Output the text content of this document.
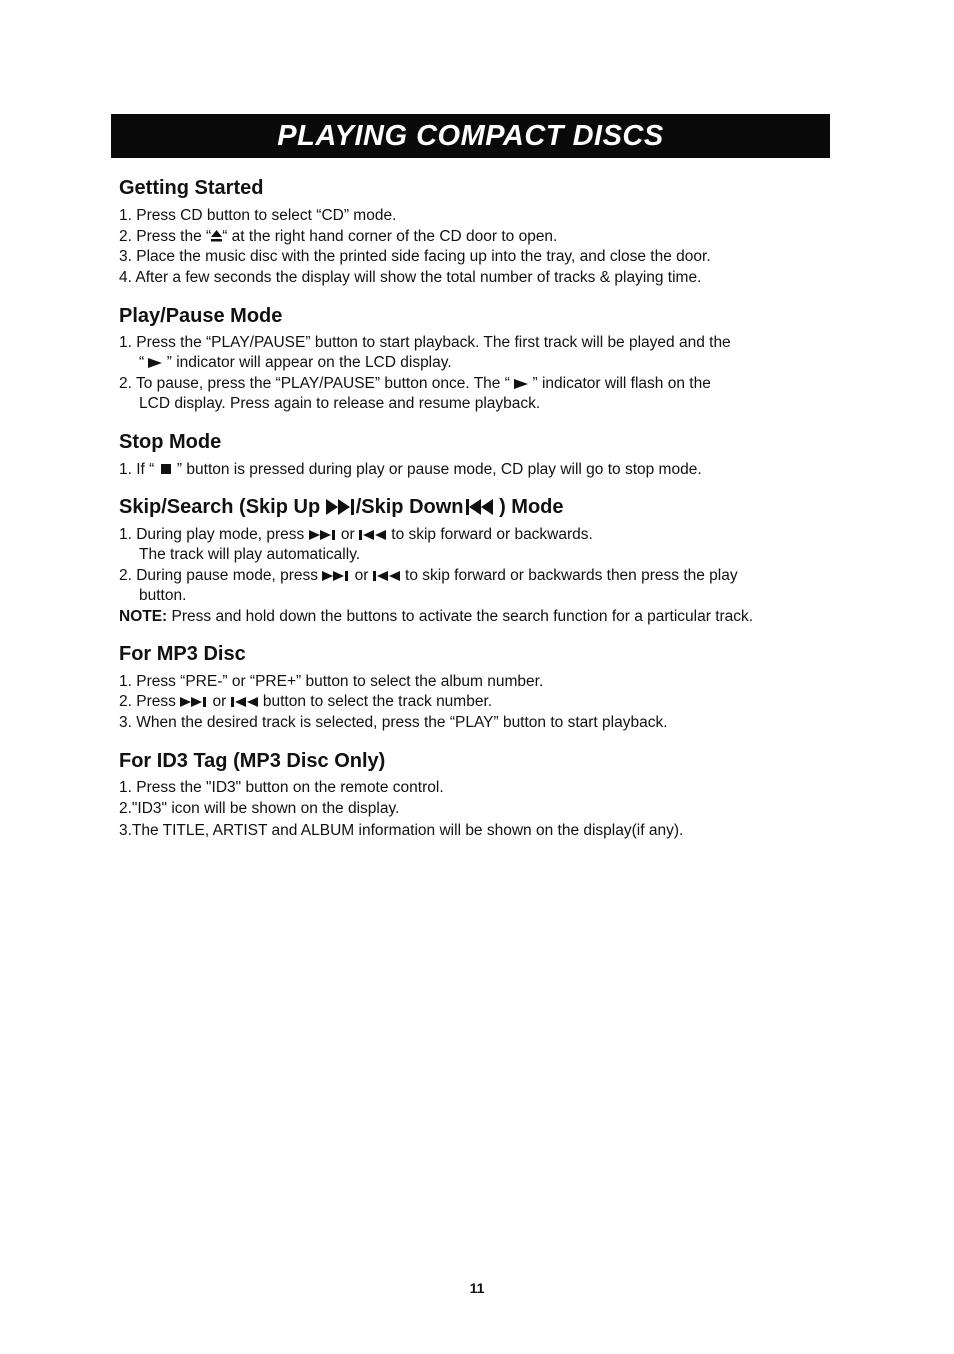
PLAYING COMPACT DISCS
Getting Started
1. Press CD button to select “CD” mode.
2. Press the “ “ at the right hand corner of the CD door to open.
3. Place the music disc with the printed side facing up into the tray, and close the door.
4. After a few seconds the display will show the total number of tracks & playing time.
Play/Pause Mode
1. Press the “PLAY/PAUSE” button to start playback. The first track will be played and the
“  ” indicator will appear on the LCD display.
2. To pause, press the “PLAY/PAUSE” button once. The “  ” indicator will flash on the
LCD display. Press again to release and resume playback.
Stop Mode
1. If “  ” button is pressed during play or pause mode, CD play will go to stop mode.
Skip/Search (Skip Up /Skip Down ) Mode
1. During play mode, press  or  to skip forward or backwards.
The track will play automatically.
2. During pause mode, press  or  to skip forward or backwards then press the play
button.
NOTE: Press and hold down the buttons to activate the search function for a particular track.
For MP3 Disc
1. Press “PRE-” or “PRE+” button to select the album number.
2. Press  or  button to select the track number.
3. When the desired track is selected, press the “PLAY” button to start playback.
For ID3 Tag (MP3 Disc Only)
1. Press the "ID3" button on the remote control.
2."ID3" icon will be shown on the display.
3.The TITLE, ARTIST and ALBUM information will be shown on the display(if any).
11
